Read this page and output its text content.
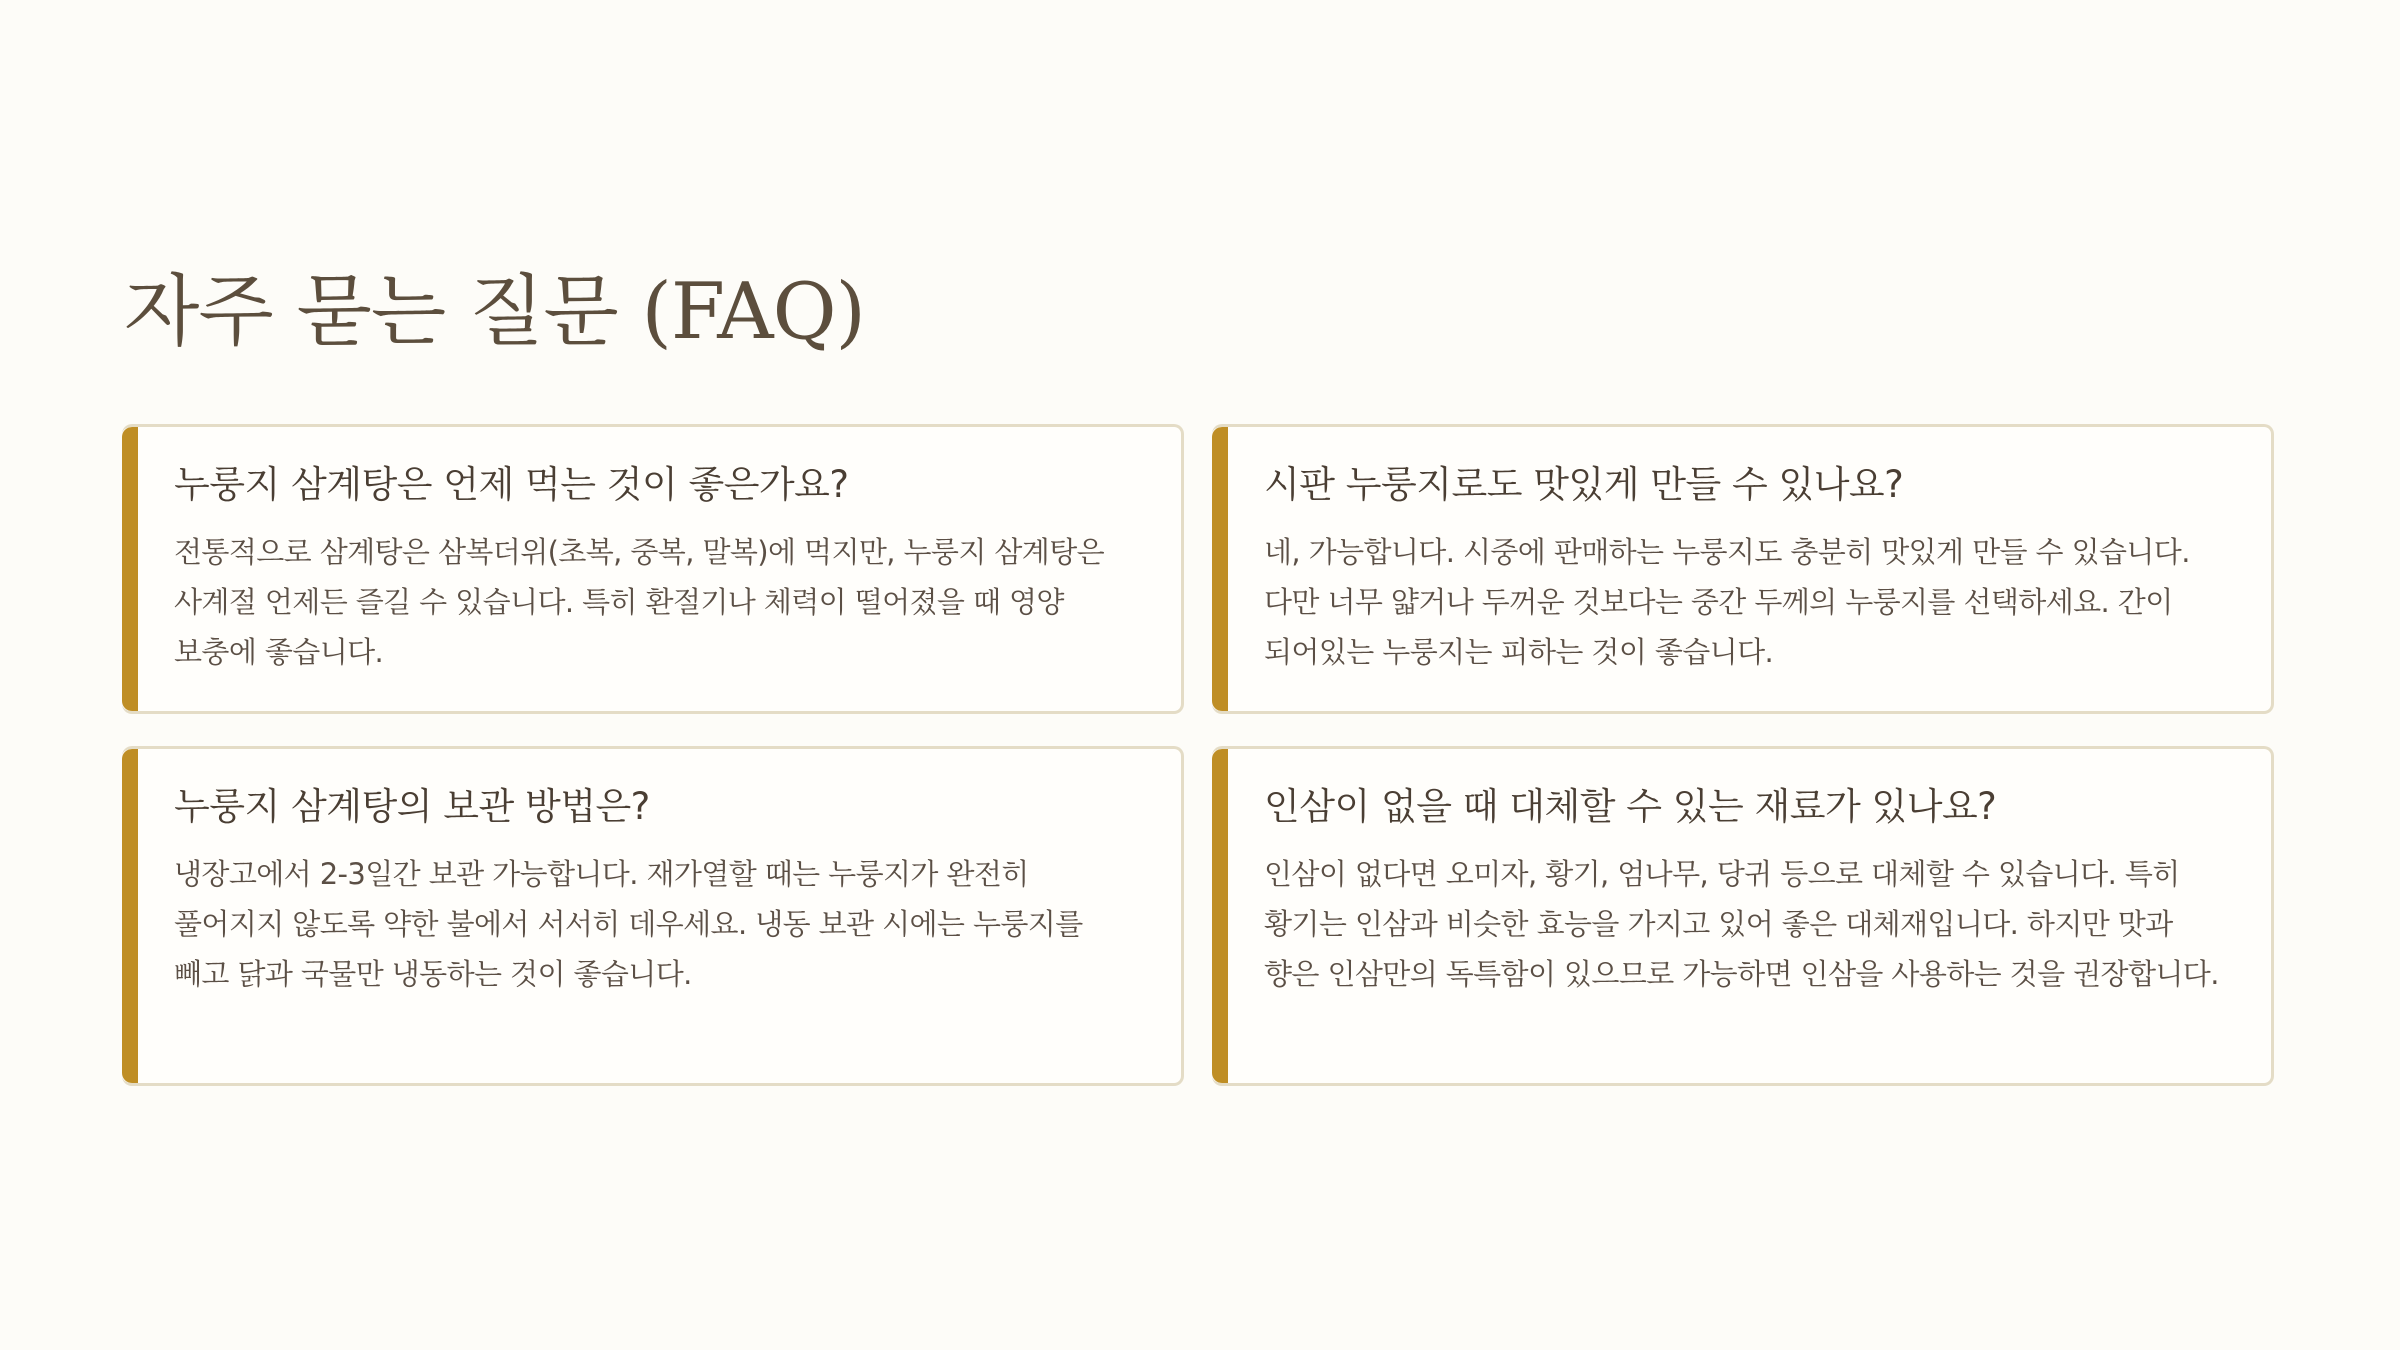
자주 묻는 질문 (FAQ)
누룽지 삼계탕은 언제 먹는 것이 좋은가요?

전통적으로 삼계탕은 삼복더위(초복, 중복, 말복)에 먹지만, 누룽지 삼계탕은 사계절 언제든 즐길 수 있습니다. 특히 환절기나 체력이 떨어졌을 때 영양 보충에 좋습니다.

시판 누룽지로도 맛있게 만들 수 있나요?

네, 가능합니다. 시중에 판매하는 누룽지도 충분히 맛있게 만들 수 있습니다. 다만 너무 얇거나 두꺼운 것보다는 중간 두께의 누룽지를 선택하세요. 간이 되어있는 누룽지는 피하는 것이 좋습니다.

누룽지 삼계탕의 보관 방법은?

냉장고에서 2-3일간 보관 가능합니다. 재가열할 때는 누룽지가 완전히 풀어지지 않도록 약한 불에서 서서히 데우세요. 냉동 보관 시에는 누룽지를 빼고 닭과 국물만 냉동하는 것이 좋습니다.

인삼이 없을 때 대체할 수 있는 재료가 있나요?

인삼이 없다면 오미자, 황기, 엄나무, 당귀 등으로 대체할 수 있습니다. 특히 황기는 인삼과 비슷한 효능을 가지고 있어 좋은 대체재입니다. 하지만 맛과 향은 인삼만의 독특함이 있으므로 가능하면 인삼을 사용하는 것을 권장합니다.
